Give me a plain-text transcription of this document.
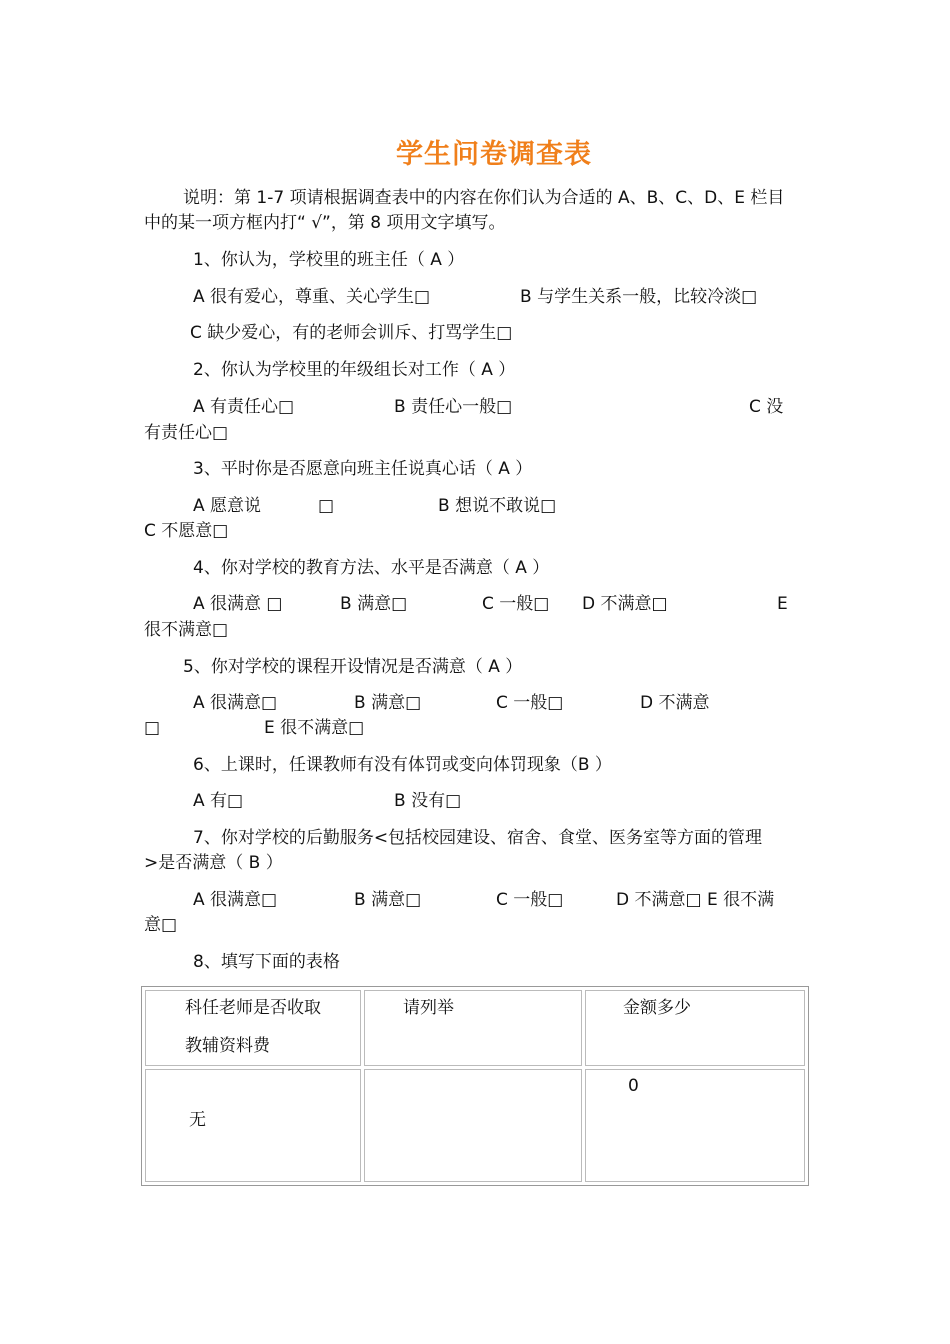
学生问卷调查表
说明：第 1-7 项请根据调查表中的内容在你们认为合适的 A、B、C、D、E 栏目
中的某一项方框内打“ √”，第 8 项用文字填写。
1、你认为，学校里的班主任（ A ）
A 很有爱心，尊重、关心学生□	B 与学生关系一般，比较冷淡□
C 缺少爱心，有的老师会训斥、打骂学生□
2、你认为学校里的年级组长对工作（ A ）
A 有责任心□	B 责任心一般□	C 没
有责任心□
3、平时你是否愿意向班主任说真心话（ A ）
A 愿意说	□	B 想说不敢说□
C 不愿意□
4、你对学校的教育方法、水平是否满意（ A ）
A 很满意 □	B 满意□	C 一般□ D 不满意□	E
很不满意□
5、你对学校的课程开设情况是否满意（ A ）
A 很满意□	B 满意□	C 一般□	D 不满意
□	E 很不满意□
6、上课时，任课教师有没有体罚或变向体罚现象（B ）
A 有□	B 没有□
7、你对学校的后勤服务<包括校园建设、宿舍、食堂、医务室等方面的管理
>是否满意（ B ）
A 很满意□	B 满意□	C 一般□	D 不满意□ E 很不满
意□
8、填写下面的表格
科任老师是否收取
教辅资料费	请列举	金额多少

无		0
